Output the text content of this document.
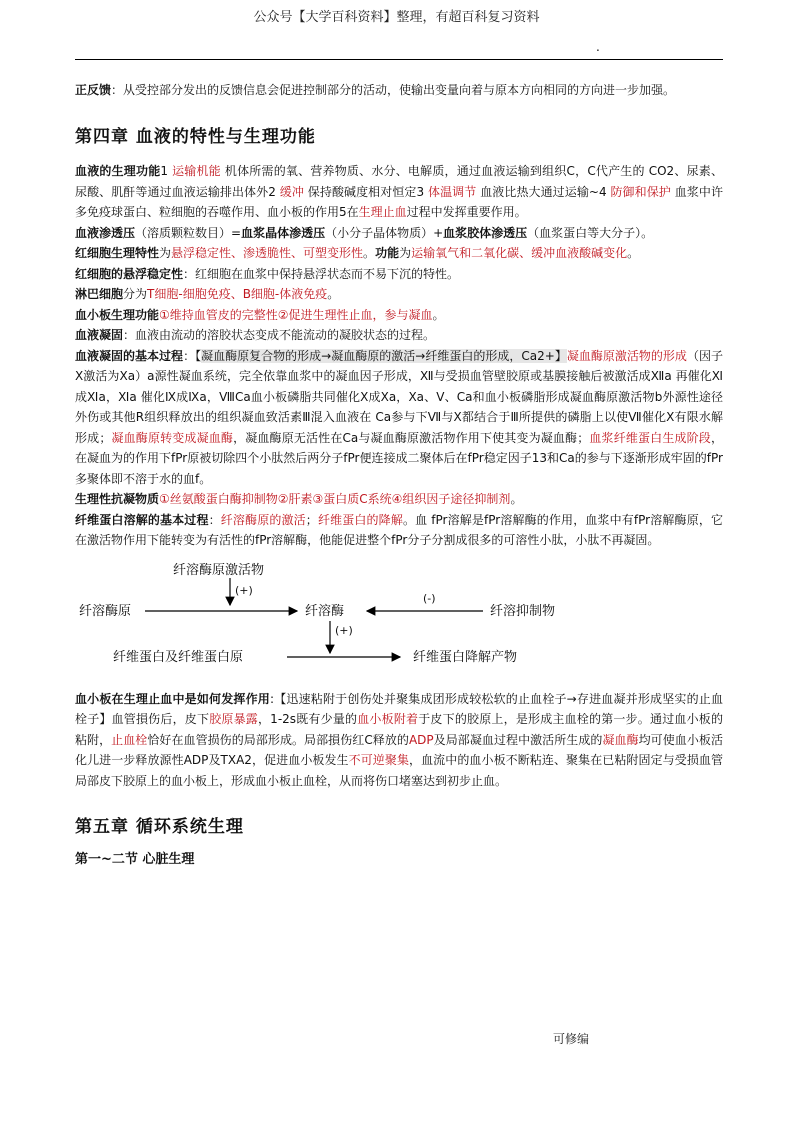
公众号【大学百科资料】整理，有超百科复习资料
.

正反馈：从受控部分发出的反馈信息会促进控制部分的活动，使输出变量向着与原本方向相同的方向进一步加强。

第四章 血液的特性与生理功能

血液的生理功能1 运输机能 机体所需的氧、营养物质、水分、电解质，通过血液运输到组织C，C代产生的 CO2、尿素、尿酸、肌酐等通过血液运输排出体外2 缓冲 保持酸碱度相对恒定3 体温调节 血液比热大通过运输~4 防御和保护 血浆中许多免疫球蛋白、粒细胞的吞噬作用、血小板的作用5在生理止血过程中发挥重要作用。

血液渗透压（溶质颗粒数目）=血浆晶体渗透压（小分子晶体物质）+血浆胶体渗透压（血浆蛋白等大分子）。

红细胞生理特性为悬浮稳定性、渗透脆性、可塑变形性。功能为运输氧气和二氧化碳、缓冲血液酸碱变化。

红细胞的悬浮稳定性：红细胞在血浆中保持悬浮状态而不易下沉的特性。

淋巴细胞分为T细胞-细胞免疫、B细胞-体液免疫。

血小板生理功能①维持血管皮的完整性②促进生理性止血，参与凝血。

血液凝固：血液由流动的溶胶状态变成不能流动的凝胶状态的过程。

血液凝固的基本过程：【凝血酶原复合物的形成→凝血酶原的激活→纤维蛋白的形成，Ca2+】凝血酶原激活物的形成（因子X激活为Xa）a源性凝血系统，完全依靠血浆中的凝血因子形成，Ⅻ与受损血管壁胶原或基膜接触后被激活成Ⅻa 再催化Ⅺ成Ⅺa，Ⅺa 催化Ⅸ成Ⅸa，ⅧCa血小板磷脂共同催化X成Xa，Xa、V、Ca和血小板磷脂形成凝血酶原激活物b外源性途径 外伤或其他R组织释放出的组织凝血致活素Ⅲ混入血液在 Ca参与下Ⅶ与X都结合于Ⅲ所提供的磷脂上以使Ⅶ催化X有限水解形成；凝血酶原转变成凝血酶，凝血酶原无活性在Ca与凝血酶原激活物作用下使其变为凝血酶；血浆纤维蛋白生成阶段，在凝血为的作用下fPr原被切除四个小肽然后两分子fPr便连接成二聚体后在fPr稳定因子13和Ca的参与下逐渐形成牢固的fPr多聚体即不溶于水的血f。

生理性抗凝物质①丝氨酸蛋白酶抑制物②肝素③蛋白质C系统④组织因子途径抑制剂。

纤维蛋白溶解的基本过程：纤溶酶原的激活；纤维蛋白的降解。血 fPr溶解是fPr溶解酶的作用，血浆中有fPr溶解酶原，它在激活物作用下能转变为有活性的fPr溶解酶，他能促进整个fPr分子分割成很多的可溶性小肽，小肽不再凝固。

纤溶酶原激活物
(+)
纤溶酶原	纤溶酶
(-)
纤溶抑制物
(+)
纤维蛋白及纤维蛋白原	纤维蛋白降解产物

血小板在生理止血中是如何发挥作用:【迅速粘附于创伤处并聚集成团形成较松软的止血栓子→存进血凝并形成坚实的止血栓子】血管損伤后，皮下胶原暴露，1-2s既有少量的血小板附着于皮下的胶原上，是形成主血栓的第一步。通过血小板的粘附，止血栓恰好在血管损伤的局部形成。局部損伤红C释放的ADP及局部凝血过程中激活所生成的凝血酶均可使血小板活化儿进一步释放源性ADP及TXA2，促进血小板发生不可逆聚集，血流中的血小板不断粘连、聚集在已粘附固定与受损血管局部皮下胶原上的血小板上，形成血小板止血栓，从而将伤口堵塞达到初步止血。

第五章 循环系统生理

第一~二节 心脏生理

可修编
